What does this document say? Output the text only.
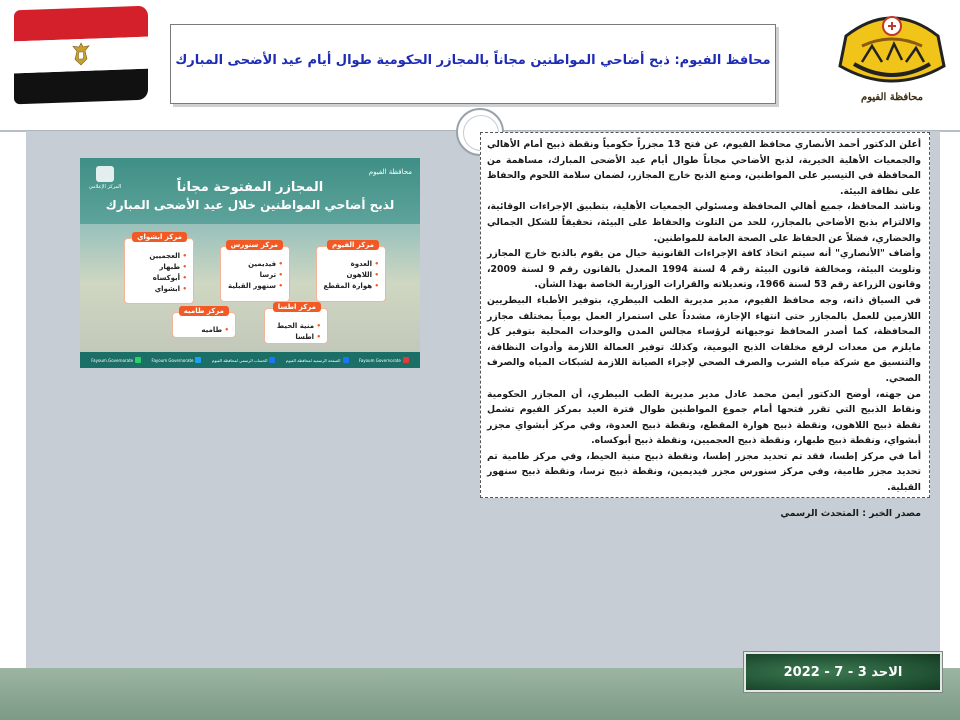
محافظة الفيوم
محافظ الفيوم: ذبح أضاحي المواطنين مجاناً بالمجازر الحكومية طوال أيام عيد الأضحى المبارك
محافظة الفيوم
المركز الإعلامي	المجازر المفتوحة مجاناً
لذبح أضاحي المواطنين خلال عيد الأضحى المبارك
مركز الفيوم
• العدوة
• اللاهون
• هوارة المقطع
مركز سنورس
• فيديمين
• ترسا
• سنهور القبلية
مركز ابشواي
• العجميين
• طبهار
• أبوكساه
• ابشواي
مركز اطسا
• منية الحيط
• اطسا
مركز طاميه
• طاميه
Fayoum Governorate
الصفحة الرسمية لمحافظة الفيوم
الحساب الرسمي لمحافظة الفيوم
Fayoum Governorate
Fayoum.Governorate

أعلن الدكتور أحمد الأنصاري محافظ الفيوم، عن فتح 13 مجزراً حكومياً ونقطة ذبيح أمام الأهالي والجمعيات الأهلية الخيرية، لذبح الأضاحي مجاناً طوال أيام عيد الأضحى المبارك، مساهمة من المحافظة في التيسير على المواطنين، ومنع الذبح خارج المجازر، لضمان سلامة اللحوم والحفاظ على نظافة البيئة.

وناشد المحافظ، جميع أهالي المحافظة ومسئولي الجمعيات الأهلية، بتطبيق الإجراءات الوقائية، والالتزام بذبح الأضاحي بالمجازر، للحد من التلوث والحفاظ على البيئة، تحقيقاً للشكل الجمالي والحضاري، فضلاً عن الحفاظ على الصحة العامة للمواطنين.

وأضاف "الأنصاري" أنه سيتم اتخاذ كافة الإجراءات القانونية حيال من يقوم بالذبح خارج المجازر وتلويث البيئة، ومخالفة قانون البيئة رقم 4 لسنة 1994 المعدل بالقانون رقم 9 لسنة 2009، وقانون الزراعة رقم 53 لسنة 1966، وتعديلاته والقرارات الوزارية الخاصة بهذا الشأن.

في السياق ذاته، وجه محافظ الفيوم، مدير مديرية الطب البيطري، بتوفير الأطباء البيطريين اللازمين للعمل بالمجازر حتى انتهاء الإجازة، مشدداً على استمرار العمل يومياً بمختلف مجازر المحافظة، كما أصدر المحافظ توجيهاته لرؤساء مجالس المدن والوحدات المحلية بتوفير كل مايلزم من معدات لرفع مخلفات الذبح اليومية، وكذلك توفير العمالة اللازمة وأدوات النظافة، والتنسيق مع شركة مياه الشرب والصرف الصحي لإجراء الصيانة اللازمة لشبكات المياه والصرف الصحي.

من جهته، أوضح الدكتور أيمن محمد عادل مدير مديرية الطب البيطري، أن المجازر الحكومية ونقاط الذبيح التي تقرر فتحها أمام جموع المواطنين طوال فترة العيد بمركز الفيوم تشمل نقطة ذبيح اللاهون، ونقطة ذبيح هوارة المقطع، ونقطة ذبيح العدوة، وفي مركز أبشواي مجزر أبشواي، ونقطة ذبيح طبهار، ونقطة ذبيح العجميين، ونقطة ذبيح أبوكساه.

أما في مركز إطسا، فقد تم تحديد مجزر إطسا، ونقطة ذبيح منية الحيط، وفي مركز طامية تم تحديد مجزر طامية، وفي مركز سنورس مجزر فيديمين، ونقطة ذبيح ترسا، ونقطة ذبيح سنهور القبلية.

مصدر الخبر : المتحدث الرسمي

الاحد 3 - 7 - 2022
